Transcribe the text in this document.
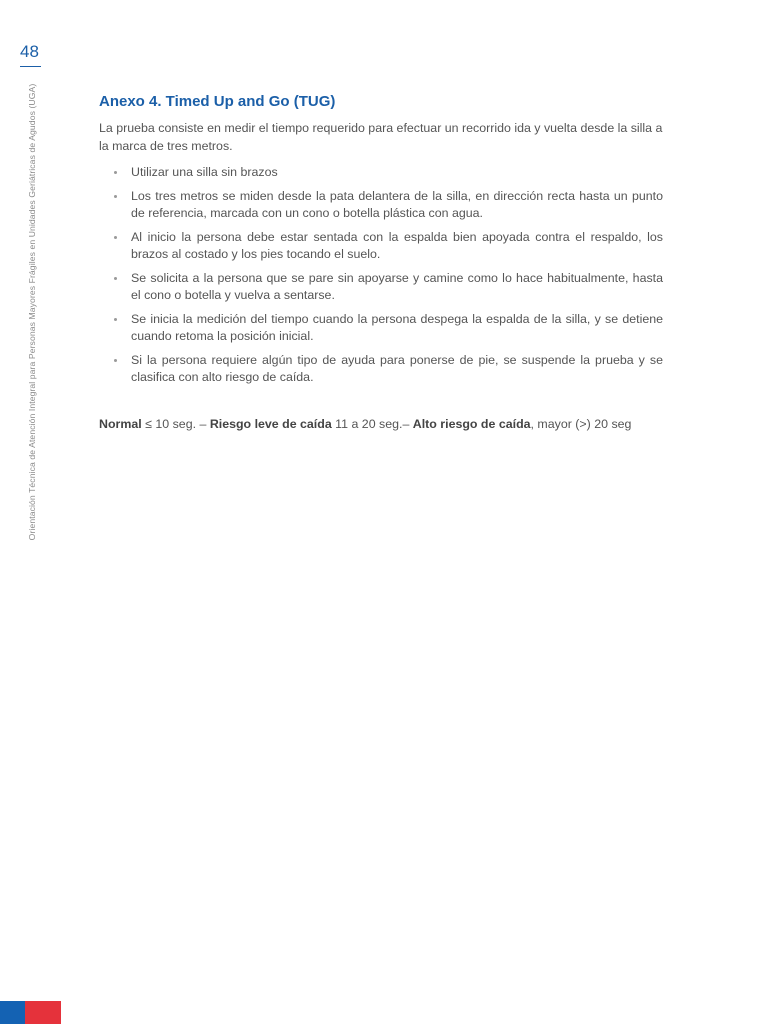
48
Orientación Técnica de Atención Integral para Personas Mayores Frágiles en Unidades Geriátricas de Agudos (UGA)	Anexo 4. Timed Up and Go (TUG)

La prueba consiste en medir el tiempo requerido para efectuar un recorrido ida y vuelta desde la silla a la marca de tres metros.

Utilizar una silla sin brazos
Los tres metros se miden desde la pata delantera de la silla, en dirección recta hasta un punto de referencia, marcada con un cono o botella plástica con agua.
Al inicio la persona debe estar sentada con la espalda bien apoyada contra el respaldo, los brazos al costado y los pies tocando el suelo.
Se solicita a la persona que se pare sin apoyarse y camine como lo hace habitualmente, hasta el cono o botella y vuelva a sentarse.
Se inicia la medición del tiempo cuando la persona despega la espalda de la silla, y se detiene cuando retoma la posición inicial.
Si la persona requiere algún tipo de ayuda para ponerse de pie, se suspende la prueba y se clasifica con alto riesgo de caída.

Normal ≤ 10 seg. – Riesgo leve de caída 11 a 20 seg.– Alto riesgo de caída, mayor (>) 20 seg
